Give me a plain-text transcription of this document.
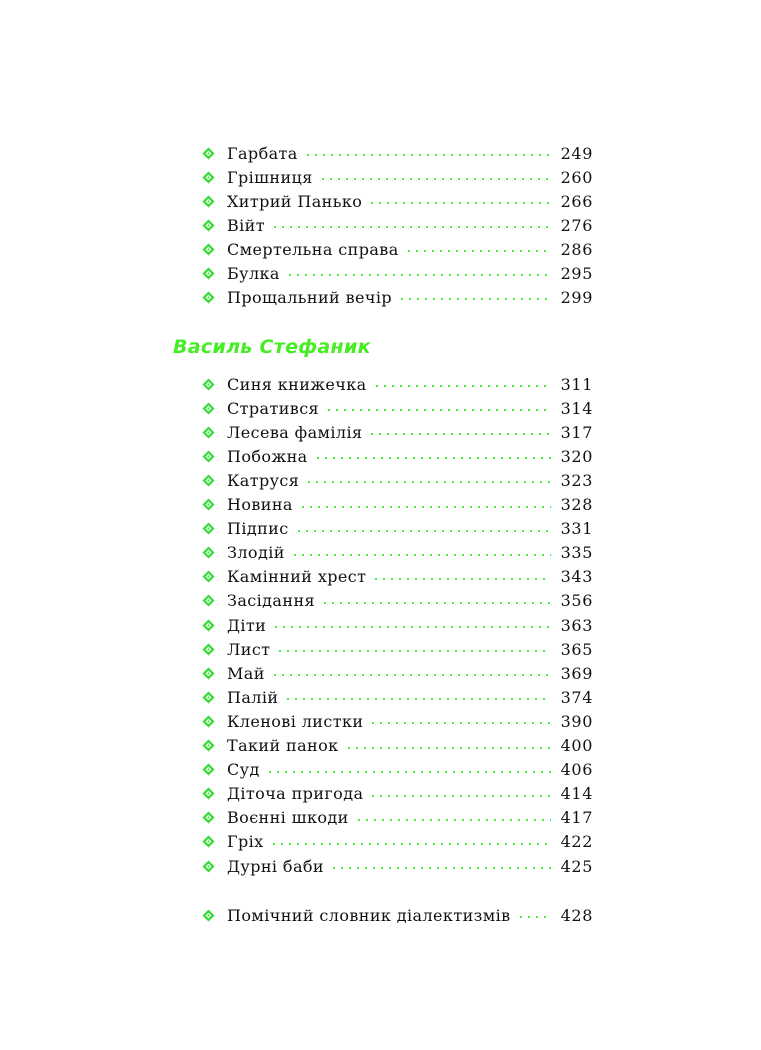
Гарбата	249
Грішниця	260
Хитрий Панько	266
Війт	276
Смертельна справа	286
Булка	295
Прощальний вечір	299
Василь Стефаник
Синя книжечка	311
Стратився	314
Лесева фамілія	317
Побожна	320
Катруся	323
Новина	328
Підпис	331
Злодій	335
Камінний хрест	343
Засідання	356
Діти	363
Лист	365
Май	369
Палій	374
Кленові листки	390
Такий панок	400
Суд	406
Діточа пригода	414
Воєнні шкоди	417
Гріх	422
Дурні баби	425
Помічний словник діалектизмів	428
